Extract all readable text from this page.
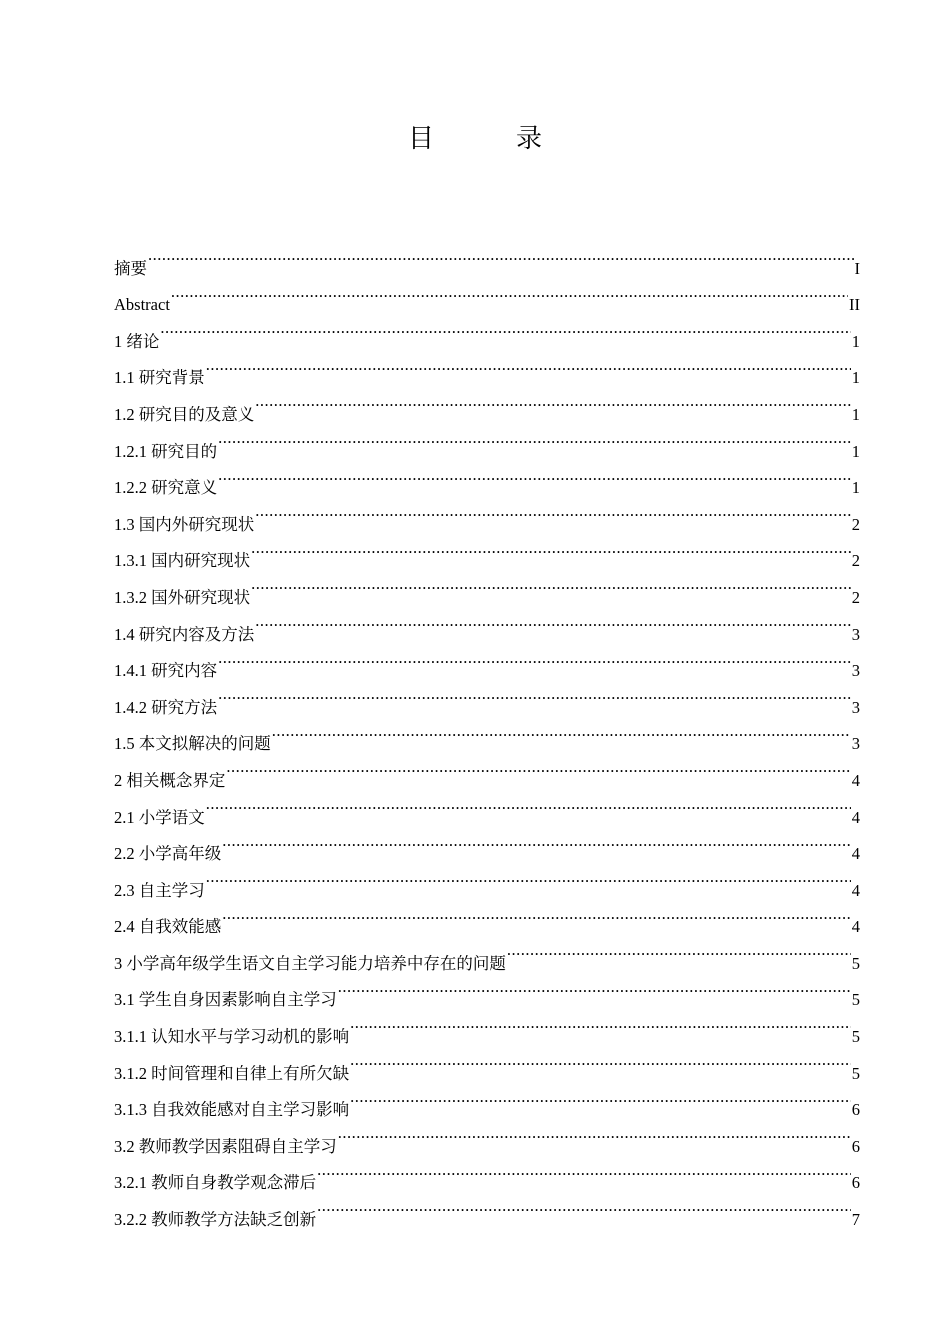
目　录
摘要 .....	I
Abstract .....	II
1 绪论 .....	1
1.1 研究背景 .....	1
1.2 研究目的及意义 .....	1
1.2.1 研究目的 .....	1
1.2.2 研究意义 .....	1
1.3 国内外研究现状 .....	2
1.3.1 国内研究现状 .....	2
1.3.2 国外研究现状 .....	2
1.4 研究内容及方法 .....	3
1.4.1 研究内容 .....	3
1.4.2 研究方法 .....	3
1.5 本文拟解决的问题 .....	3
2 相关概念界定 .....	4
2.1 小学语文 .....	4
2.2 小学高年级 .....	4
2.3 自主学习 .....	4
2.4 自我效能感 .....	4
3 小学高年级学生语文自主学习能力培养中存在的问题 .....	5
3.1 学生自身因素影响自主学习 .....	5
3.1.1 认知水平与学习动机的影响 .....	5
3.1.2 时间管理和自律上有所欠缺 .....	5
3.1.3 自我效能感对自主学习影响 .....	6
3.2 教师教学因素阻碍自主学习 .....	6
3.2.1 教师自身教学观念滞后 .....	6
3.2.2 教师教学方法缺乏创新 .....	7
